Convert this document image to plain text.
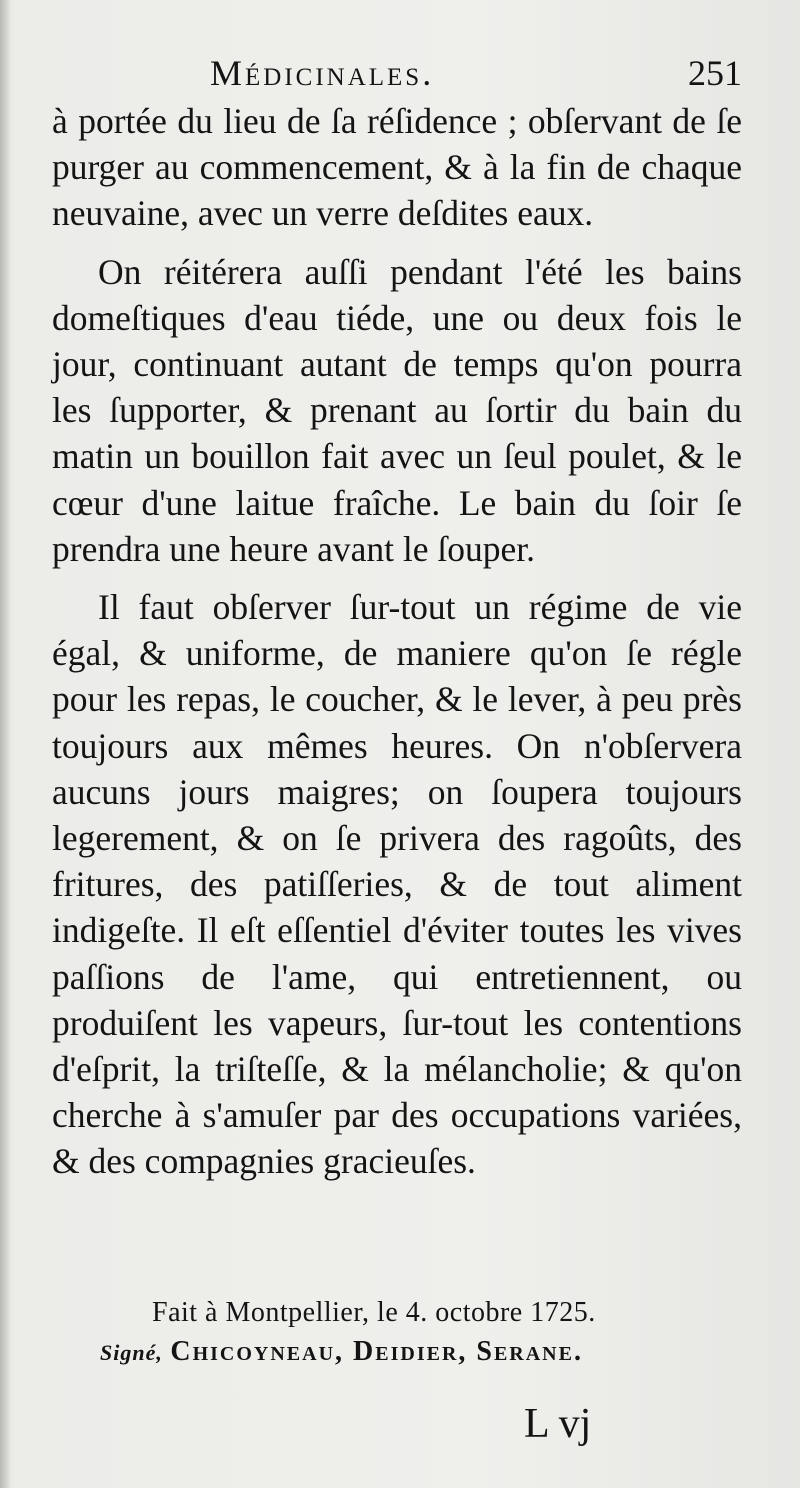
Médicinales.	251

à portée du lieu de ſa réſidence ; obſervant de ſe purger au commencement, & à la fin de chaque neuvaine, avec un verre deſdites eaux.

On réitérera auſſi pendant l'été les bains domeſtiques d'eau tiéde, une ou deux fois le jour, continuant autant de temps qu'on pourra les ſupporter, & prenant au ſortir du bain du matin un bouillon fait avec un ſeul poulet, & le cœur d'une laitue fraîche. Le bain du ſoir ſe prendra une heure avant le ſouper.

Il faut obſerver ſur-tout un régime de vie égal, & uniforme, de maniere qu'on ſe régle pour les repas, le coucher, & le lever, à peu près toujours aux mêmes heures. On n'obſervera aucuns jours maigres; on ſoupera toujours legerement, & on ſe privera des ragoûts, des fritures, des patiſſeries, & de tout aliment indigeſte. Il eſt eſſentiel d'éviter toutes les vives paſſions de l'ame, qui entretiennent, ou produiſent les vapeurs, ſur-tout les contentions d'eſprit, la triſteſſe, & la mélancholie; & qu'on cherche à s'amuſer par des occupations variées, & des compagnies gracieuſes.

Fait à Montpellier, le 4. octobre 1725.
Signé, Chicoyneau, Deidier, Serane.
L vj
